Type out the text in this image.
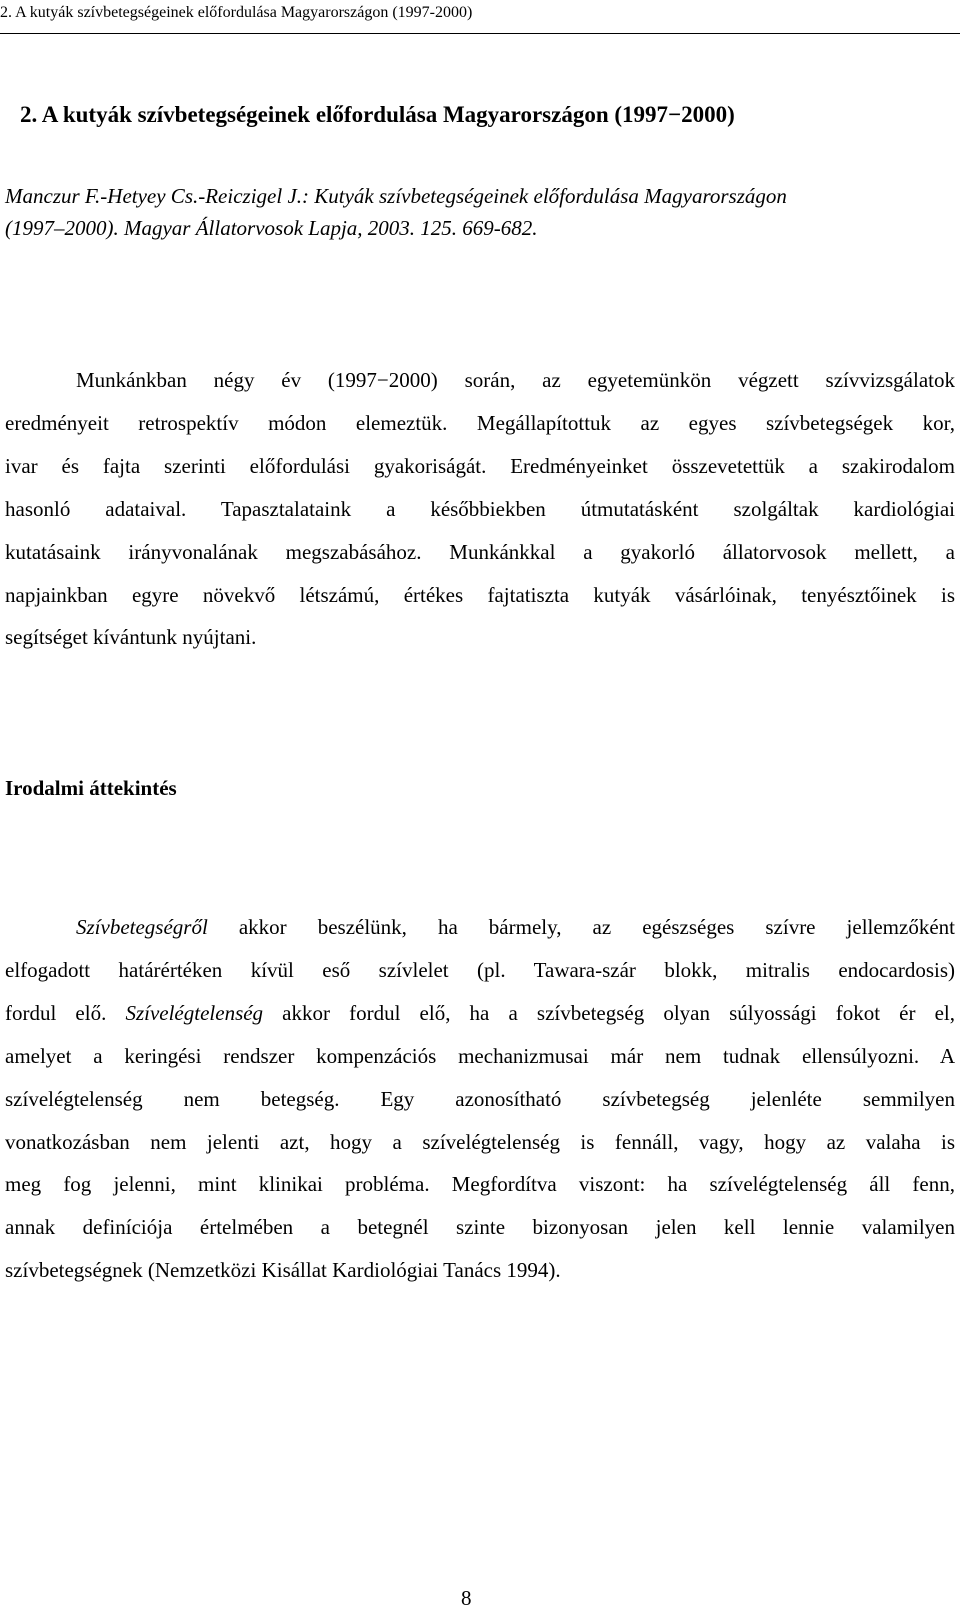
2. A kutyák szívbetegségeinek előfordulása Magyarországon (1997-2000)
2. A kutyák szívbetegségeinek előfordulása Magyarországon (1997−2000)

Manczur F.-Hetyey Cs.-Reiczigel J.: Kutyák szívbetegségeinek előfordulása Magyarországon
(1997–2000). Magyar Állatorvosok Lapja, 2003. 125. 669-682.

Munkánkban négy év (1997−2000) során, az egyetemünkön végzett szívvizsgálatok
eredményeit retrospektív módon elemeztük. Megállapítottuk az egyes szívbetegségek kor,
ivar és fajta szerinti előfordulási gyakoriságát. Eredményeinket összevetettük a szakirodalom
hasonló adataival. Tapasztalataink a későbbiekben útmutatásként szolgáltak kardiológiai
kutatásaink irányvonalának megszabásához. Munkánkkal a gyakorló állatorvosok mellett, a
napjainkban egyre növekvő létszámú, értékes fajtatiszta kutyák vásárlóinak, tenyésztőinek is
segítséget kívántunk nyújtani.

Irodalmi áttekintés

Szívbetegségről akkor beszélünk, ha bármely, az egészséges szívre jellemzőként
elfogadott határértéken kívül eső szívlelet (pl. Tawara-szár blokk, mitralis endocardosis)
fordul elő. Szívelégtelenség akkor fordul elő, ha a szívbetegség olyan súlyossági fokot ér el,
amelyet a keringési rendszer kompenzációs mechanizmusai már nem tudnak ellensúlyozni. A
szívelégtelenség nem betegség. Egy azonosítható szívbetegség jelenléte semmilyen
vonatkozásban nem jelenti azt, hogy a szívelégtelenség is fennáll, vagy, hogy az valaha is
meg fog jelenni, mint klinikai probléma. Megfordítva viszont: ha szívelégtelenség áll fenn,
annak definíciója értelmében a betegnél szinte bizonyosan jelen kell lennie valamilyen
szívbetegségnek (Nemzetközi Kisállat Kardiológiai Tanács 1994).

8
